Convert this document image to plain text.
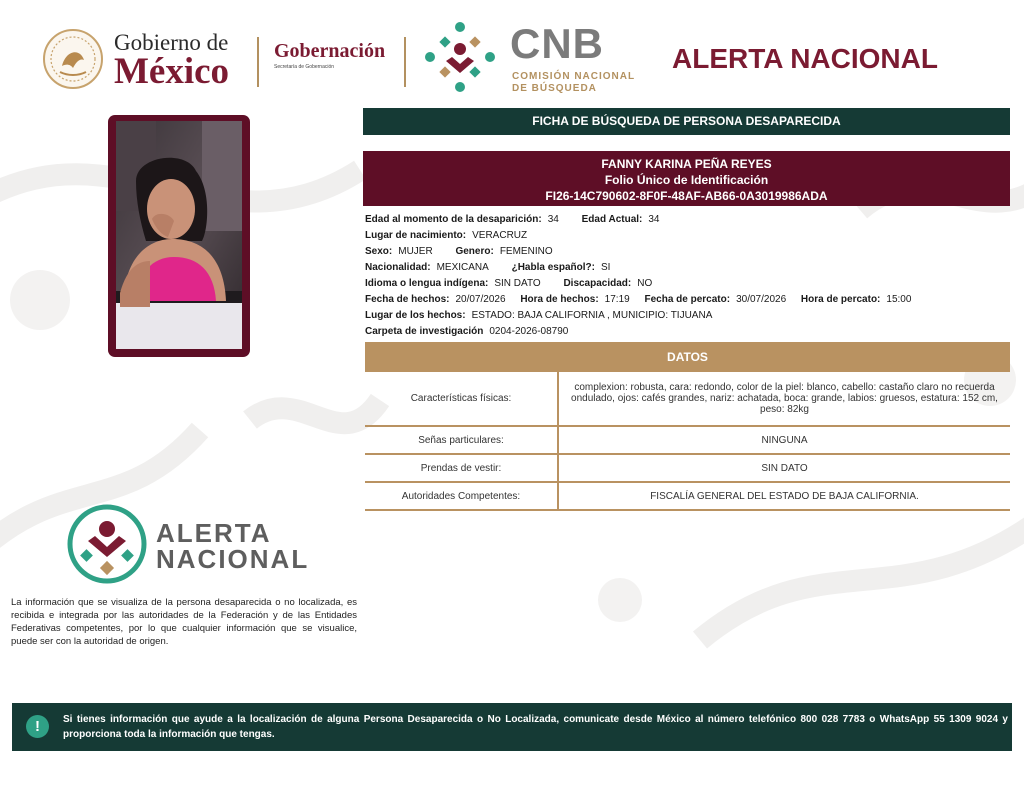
Gobierno de
México Gobernación
Secretaría de Gobernación	CNB
COMISIÓN NACIONAL
DE BÚSQUEDA
ALERTA NACIONAL
FICHA DE BÚSQUEDA DE PERSONA DESAPARECIDA
FANNY KARINA PEÑA REYES
Folio Único de Identificación
FI26-14C790602-8F0F-48AF-AB66-0A3019986ADA
Edad al momento de la desaparición: 34 Edad Actual: 34
Lugar de nacimiento: VERACRUZ
Sexo: MUJER Genero: FEMENINO
Nacionalidad: MEXICANA ¿Habla español?: SI
Idioma o lengua indígena: SIN DATO Discapacidad: NO
Fecha de hechos: 20/07/2026 Hora de hechos: 17:19 Fecha de percato: 30/07/2026 Hora de percato: 15:00
Lugar de los hechos: ESTADO: BAJA CALIFORNIA , MUNICIPIO: TIJUANA
Carpeta de investigación 0204-2026-08790
DATOS
Características físicas:	complexion: robusta, cara: redondo, color de la piel: blanco, cabello: castaño claro no recuerda ondulado, ojos: cafés grandes, nariz: achatada, boca: grande, labios: gruesos, estatura: 152 cm, peso: 82kg
Señas particulares:	NINGUNA
Prendas de vestir:	SIN DATO
Autoridades Competentes:	FISCALÍA GENERAL DEL ESTADO DE BAJA CALIFORNIA.
ALERTA
NACIONAL
La información que se visualiza de la persona desaparecida o no localizada, es recibida e integrada por las autoridades de la Federación y de las Entidades Federativas competentes, por lo que cualquier información que se visualice, puede ser con la autoridad de origen.
!	Si tienes información que ayude a la localización de alguna Persona Desaparecida o No Localizada, comunicate desde México al número telefónico 800 028 7783 o WhatsApp 55 1309 9024 y proporciona toda la información que tengas.
